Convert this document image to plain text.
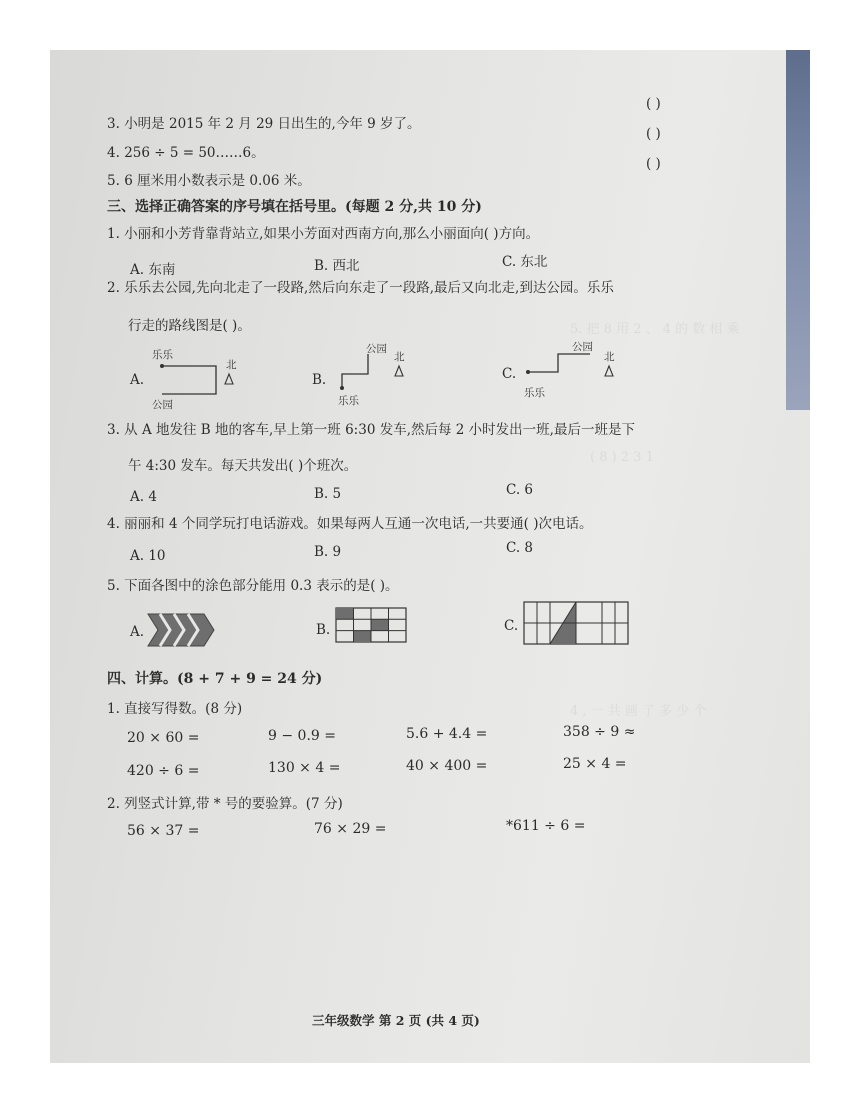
5. 把 8 用 2 、 4 的 数 相 乘
( 8 ) 2 3 1
4 , 一 共 画 了 多 少 个
3. 小明是 2015 年 2 月 29 日出生的,今年 9 岁了。
( )
4. 256 ÷ 5 = 50……6。
( )
5. 6 厘米用小数表示是 0.06 米。
( )
三、选择正确答案的序号填在括号里。(每题 2 分,共 10 分)
1. 小丽和小芳背靠背站立,如果小芳面对西南方向,那么小丽面向( )方向。
A. 东南	B. 西北	C. 东北
2. 乐乐去公园,先向北走了一段路,然后向东走了一段路,最后又向北走,到达公园。乐乐
行走的路线图是( )。
A.
乐乐
公园
北
B.
乐乐
公园
北
C.
乐乐
公园
北
3. 从 A 地发往 B 地的客车,早上第一班 6:30 发车,然后每 2 小时发出一班,最后一班是下
午 4:30 发车。每天共发出( )个班次。
A. 4	B. 5	C. 6
4. 丽丽和 4 个同学玩打电话游戏。如果每两人互通一次电话,一共要通( )次电话。
A. 10	B. 9	C. 8
5. 下面各图中的涂色部分能用 0.3 表示的是( )。
A.	B.	C.
四、计算。(8 + 7 + 9 = 24 分)
1. 直接写得数。(8 分)
20 × 60 =	9 − 0.9 =	5.6 + 4.4 =	358 ÷ 9 ≈
420 ÷ 6 =	130 × 4 =	40 × 400 =	25 × 4 =
2. 列竖式计算,带 * 号的要验算。(7 分)
56 × 37 =	76 × 29 =	*611 ÷ 6 =
三年级数学 第 2 页 (共 4 页)
